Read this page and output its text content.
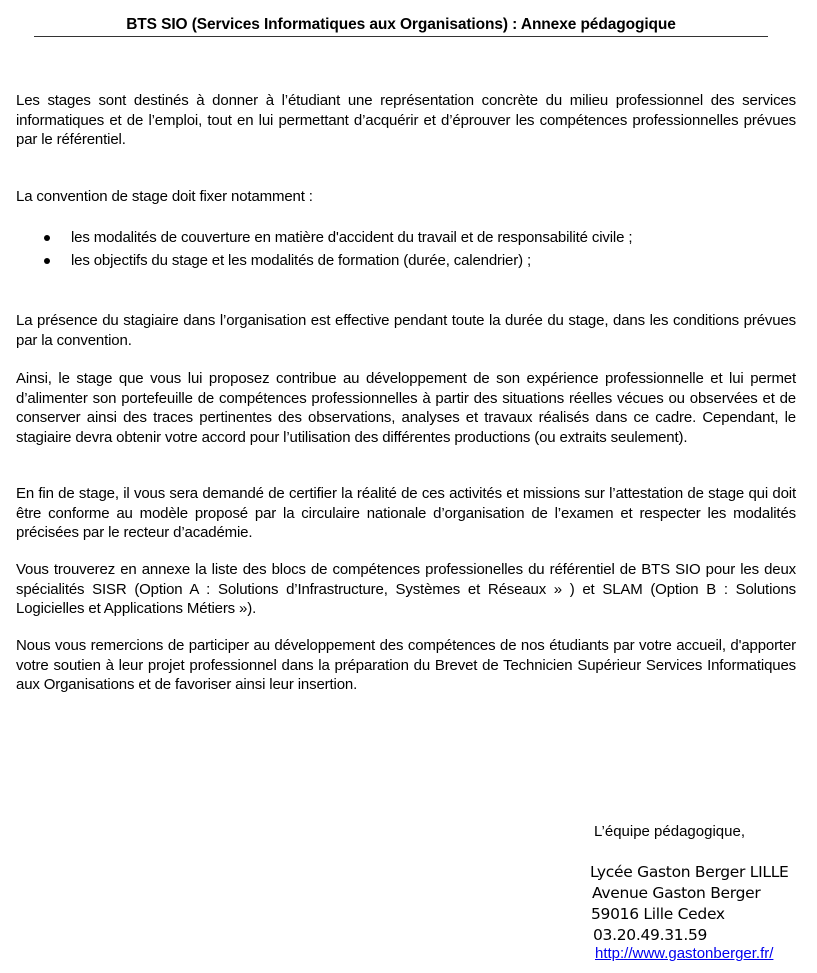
BTS SIO (Services Informatiques aux Organisations) : Annexe pédagogique

Les stages sont destinés à donner à l’étudiant une représentation concrète du milieu professionnel des services informatiques et de l’emploi, tout en lui permettant d’acquérir et d’éprouver les compétences professionnelles prévues par le référentiel.

La convention de stage doit fixer notamment :

les modalités de couverture en matière d'accident du travail et de responsabilité civile ;
les objectifs du stage et les modalités de formation (durée, calendrier) ;

La présence du stagiaire dans l’organisation est effective pendant toute la durée du stage, dans les conditions prévues par la convention.

Ainsi, le stage que vous lui proposez contribue au développement de son expérience professionnelle et lui permet d’alimenter son portefeuille de compétences professionnelles à partir des situations réelles vécues ou observées et de conserver ainsi des traces pertinentes des observations, analyses et travaux réalisés dans ce cadre. Cependant, le stagiaire devra obtenir votre accord pour l’utilisation des différentes productions (ou extraits seulement).

En fin de stage, il vous sera demandé de certifier la réalité de ces activités et missions sur l’attestation de stage qui doit être conforme au modèle proposé par la circulaire nationale d’organisation de l’examen et respecter les modalités précisées par le recteur d’académie.

Vous trouverez en annexe la liste des blocs de compétences professionelles du référentiel de BTS SIO pour les deux spécialités SISR (Option A : Solutions d’Infrastructure, Systèmes et Réseaux » ) et SLAM (Option B : Solutions Logicielles et Applications Métiers »).

Nous vous remercions de participer au développement des compétences de nos étudiants par votre accueil, d'apporter votre soutien à leur projet professionnel dans la préparation du Brevet de Technicien Supérieur Services Informatiques aux Organisations et de favoriser ainsi leur insertion.

L’équipe pédagogique,
Lycée Gaston Berger LILLE
Avenue Gaston Berger
59016 Lille Cedex
03.20.49.31.59
http://www.gastonberger.fr/
